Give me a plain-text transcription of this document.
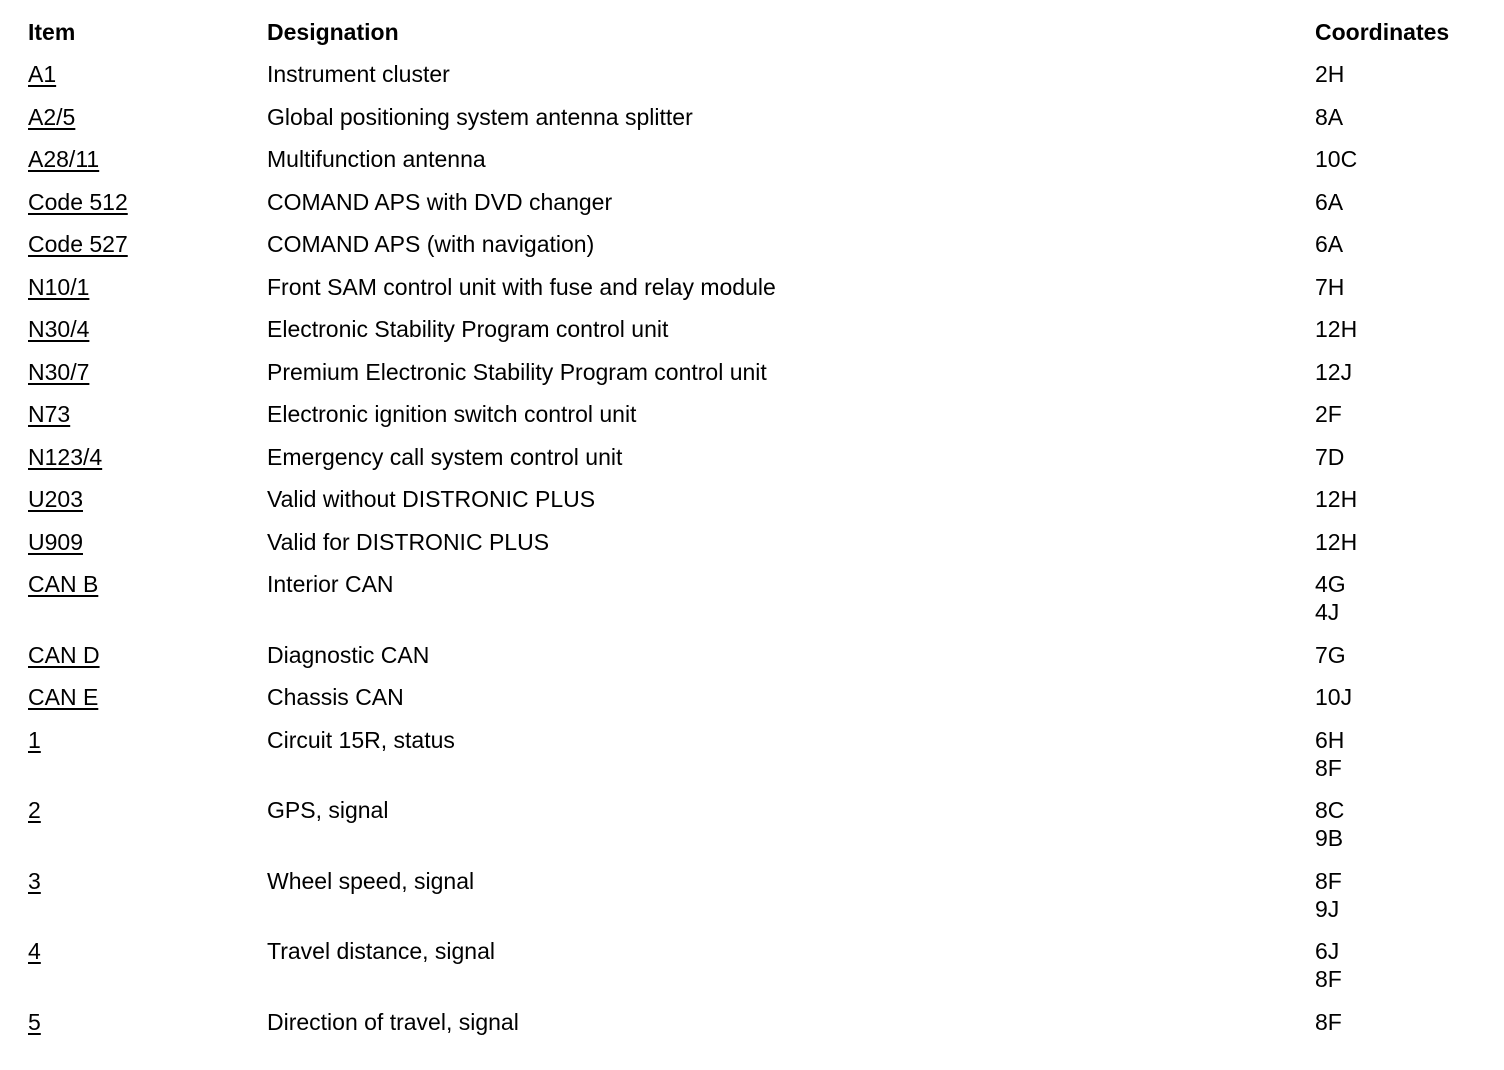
Item	Designation	Coordinates
A1	Instrument cluster	2H
A2/5	Global positioning system antenna splitter	8A
A28/11	Multifunction antenna	10C
Code 512	COMAND APS with DVD changer	6A
Code 527	COMAND APS (with navigation)	6A
N10/1	Front SAM control unit with fuse and relay module	7H
N30/4	Electronic Stability Program control unit	12H
N30/7	Premium Electronic Stability Program control unit	12J
N73	Electronic ignition switch control unit	2F
N123/4	Emergency call system control unit	7D
U203	Valid without DISTRONIC PLUS	12H
U909	Valid for DISTRONIC PLUS	12H
CAN B	Interior CAN	4G
4J
CAN D	Diagnostic CAN	7G
CAN E	Chassis CAN	10J
1	Circuit 15R, status	6H
8F
2	GPS, signal	8C
9B
3	Wheel speed, signal	8F
9J
4	Travel distance, signal	6J
8F
5	Direction of travel, signal	8F
